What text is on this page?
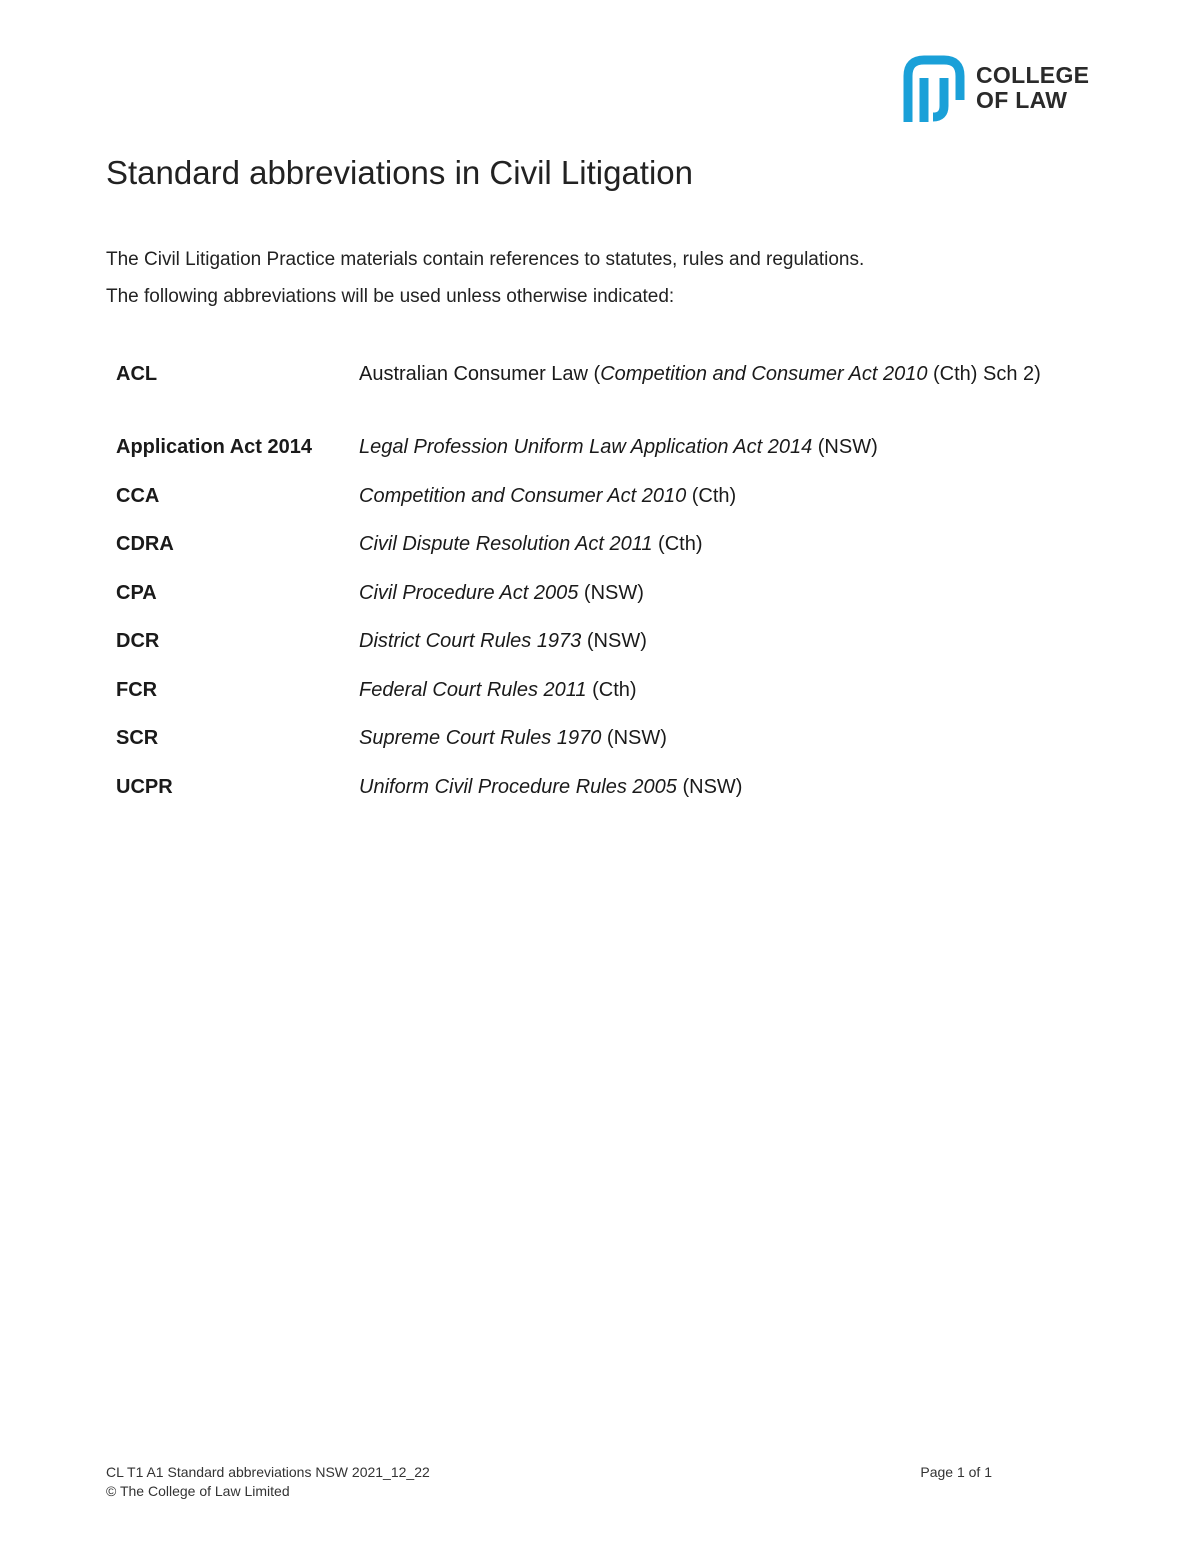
COLLEGE
OF LAW
Standard abbreviations in Civil Litigation

The Civil Litigation Practice materials contain references to statutes, rules and regulations.

The following abbreviations will be used unless otherwise indicated:

ACL	Australian Consumer Law (Competition and Consumer Act 2010 (Cth) Sch 2)
Application Act 2014	Legal Profession Uniform Law Application Act 2014 (NSW)
CCA	Competition and Consumer Act 2010 (Cth)
CDRA	Civil Dispute Resolution Act 2011 (Cth)
CPA	Civil Procedure Act 2005 (NSW)
DCR	District Court Rules 1973 (NSW)
FCR	Federal Court Rules 2011 (Cth)
SCR	Supreme Court Rules 1970 (NSW)
UCPR	Uniform Civil Procedure Rules 2005 (NSW)
CL T1 A1 Standard abbreviations NSW 2021_12_22	Page 1 of 1
© The College of Law Limited
